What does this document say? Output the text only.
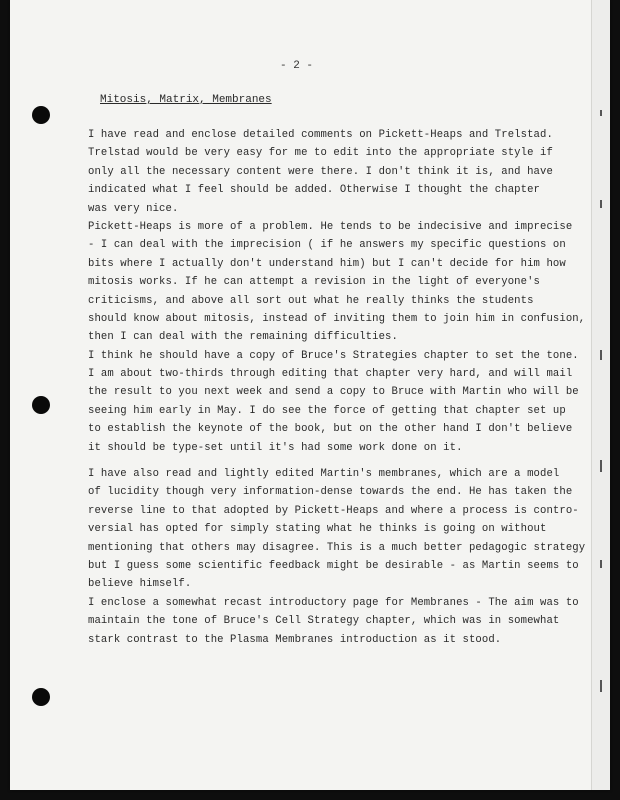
- 2 -
Mitosis, Matrix, Membranes
I have read and enclose detailed comments on Pickett-Heaps and Trelstad.
Trelstad would be very easy for me to edit into the appropriate style if
only all the necessary content were there. I don't think it is, and have
indicated what I feel should be added. Otherwise I thought the chapter
was very nice.
Pickett-Heaps is more of a problem. He tends to be indecisive and imprecise
- I can deal with the imprecision ( if he answers my specific questions on
bits where I actually don't understand him) but I can't decide for him how
mitosis works. If he can attempt a revision in the light of everyone's
criticisms, and above all sort out what he really thinks the students
should know about mitosis, instead of inviting them to join him in confusion,
then I can deal with the remaining difficulties.
I think he should have a copy of Bruce's Strategies chapter to set the tone.
I am about two-thirds through editing that chapter very hard, and will mail
the result to you next week and send a copy to Bruce with Martin who will be
seeing him early in May. I do see the force of getting that chapter set up
to establish the keynote of the book, but on the other hand I don't believe
it should be type-set until it's had some work done on it.
I have also read and lightly edited Martin's membranes, which are a model
of lucidity though very information-dense towards the end. He has taken the
reverse line to that adopted by Pickett-Heaps and where a process is contro-
versial has opted for simply stating what he thinks is going on without
mentioning that others may disagree. This is a much better pedagogic strategy
but I guess some scientific feedback might be desirable - as Martin seems to
believe himself.
I enclose a somewhat recast introductory page for Membranes - The aim was to
maintain the tone of Bruce's Cell Strategy chapter, which was in somewhat
stark contrast to the Plasma Membranes introduction as it stood.
